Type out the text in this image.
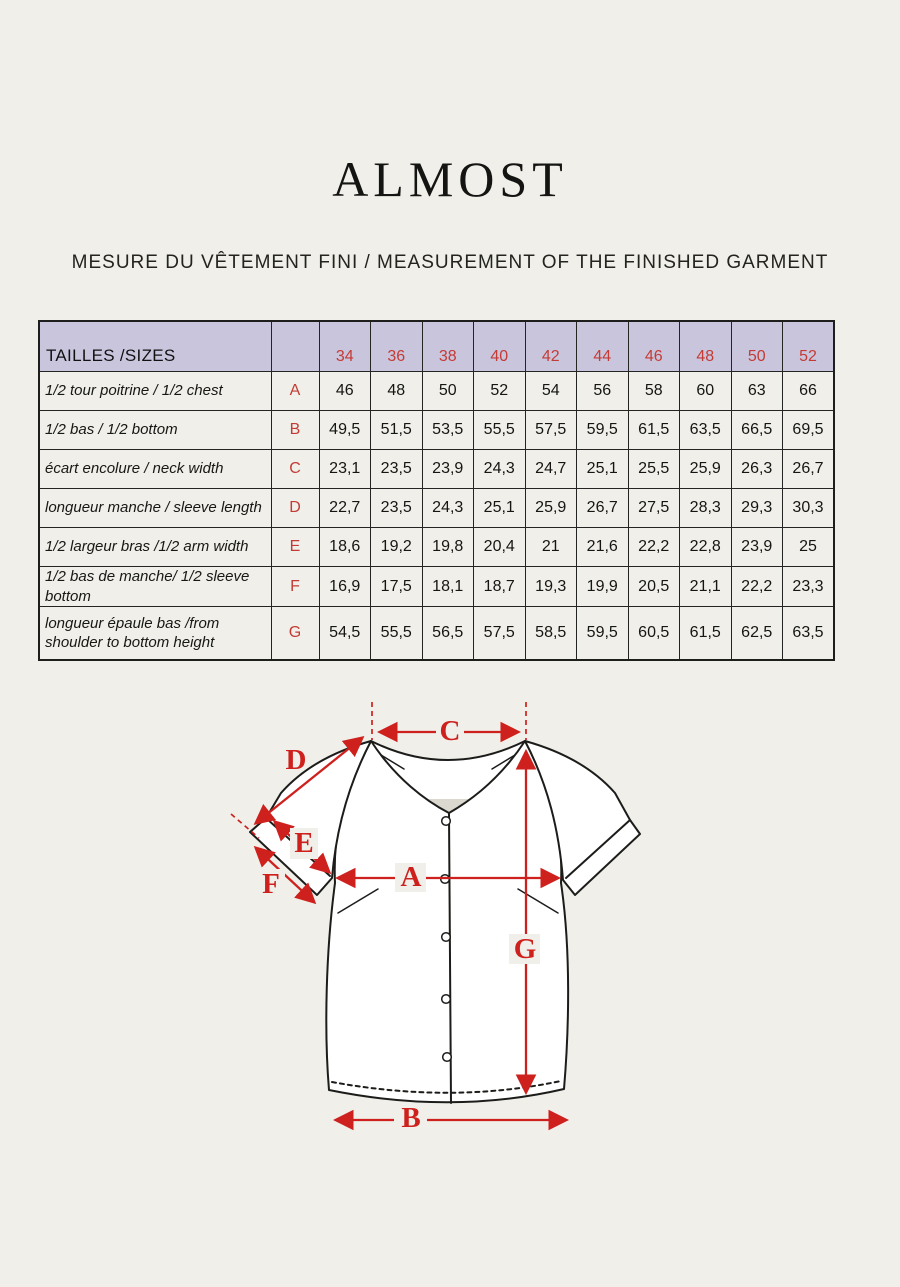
ALMOST
MESURE DU VÊTEMENT FINI / MEASUREMENT OF THE FINISHED GARMENT
TAILLES /SIZES		34	36	38	40	42	44	46	48	50	52
1/2 tour poitrine / 1/2 chest	A	46	48	50	52	54	56	58	60	63	66
1/2 bas / 1/2 bottom	B	49,5	51,5	53,5	55,5	57,5	59,5	61,5	63,5	66,5	69,5
écart encolure / neck width	C	23,1	23,5	23,9	24,3	24,7	25,1	25,5	25,9	26,3	26,7
longueur manche / sleeve length	D	22,7	23,5	24,3	25,1	25,9	26,7	27,5	28,3	29,3	30,3
1/2 largeur bras /1/2 arm width	E	18,6	19,2	19,8	20,4	21	21,6	22,2	22,8	23,9	25
1/2 bas de manche/ 1/2 sleeve bottom	F	16,9	17,5	18,1	18,7	19,3	19,9	20,5	21,1	22,2	23,3
longueur épaule bas /from shoulder to bottom height	G	54,5	55,5	56,5	57,5	58,5	59,5	60,5	61,5	62,5	63,5
C
D
E
F	A
G
B
